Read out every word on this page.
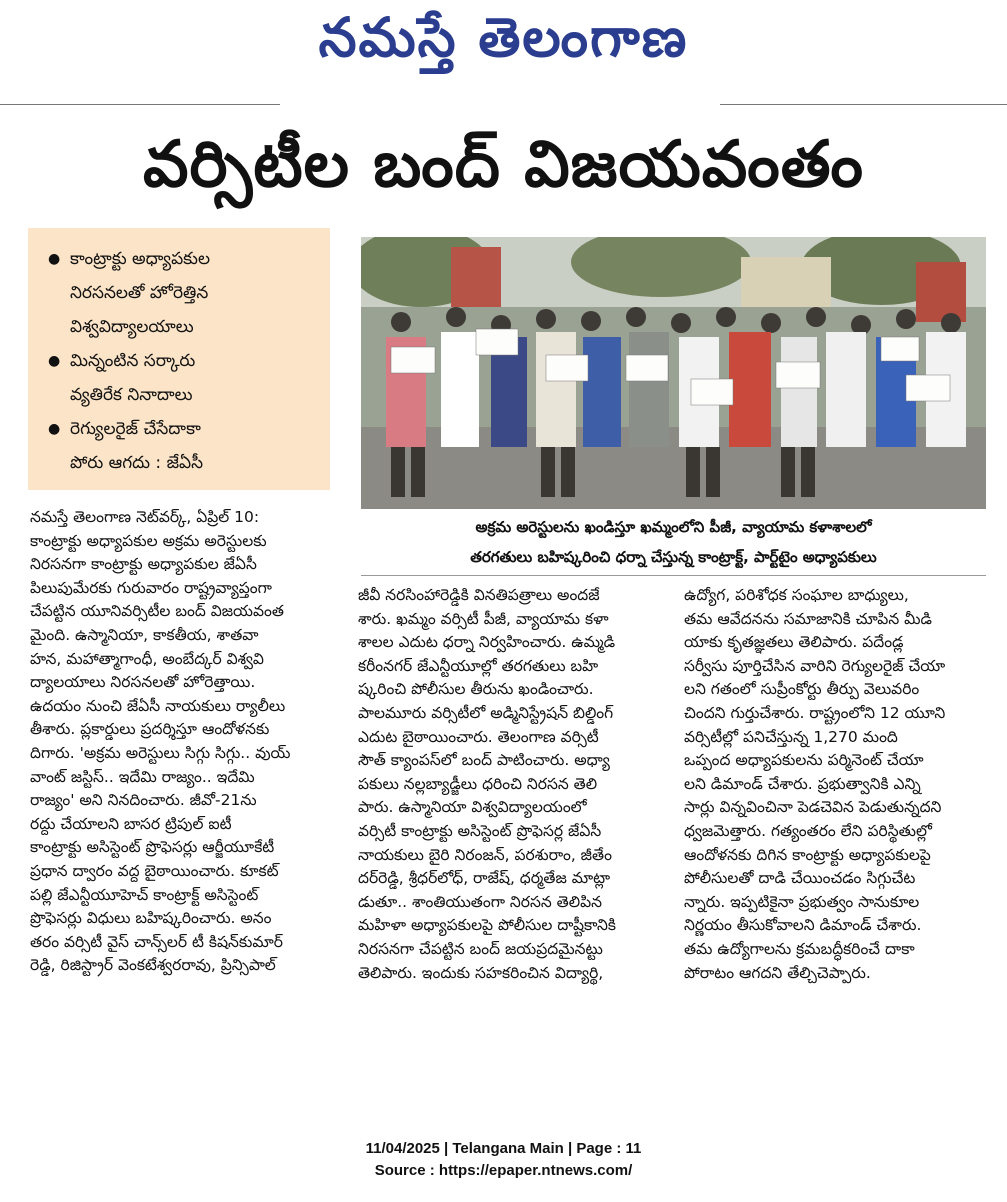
నమస్తే తెలంగాణ
వర్సిటీల బంద్ విజయవంతం
● కాంట్రాక్టు అధ్యాపకుల
నిరసనలతో హోరెత్తిన
విశ్వవిద్యాలయాలు
● మిన్నంటిన సర్కారు
వ్యతిరేక నినాదాలు
● రెగ్యులరైజ్ చేసేదాకా
పోరు ఆగదు : జేఏసీ
అక్రమ అరెస్టులను ఖండిస్తూ ఖమ్మంలోని పీజీ, వ్యాయామ కళాశాలలో
తరగతులు బహిష్కరించి ధర్నా చేస్తున్న కాంట్రాక్ట్, పార్ట్‌టైం అధ్యాపకులు
నమస్తే తెలంగాణ నెట్‌వర్క్, ఏప్రిల్ 10:
కాంట్రాక్టు అధ్యాపకుల అక్రమ అరెస్టులకు
నిరసనగా కాంట్రాక్టు అధ్యాపకుల జేఏసీ
పిలుపుమేరకు గురువారం రాష్ట్రవ్యాప్తంగా
చేపట్టిన యూనివర్సిటీల బంద్ విజయవంత
మైంది. ఉస్మానియా, కాకతీయ, శాతవా
హన, మహాత్మాగాంధీ, అంబేద్కర్ విశ్వవి
ద్యాలయాలు నిరసనలతో హోరెత్తాయి.
ఉదయం నుంచి జేఏసీ నాయకులు ర్యాలీలు
తీశారు. ప్లకార్డులు ప్రదర్శిస్తూ ఆందోళనకు
దిగారు. 'అక్రమ అరెస్టులు సిగ్గు సిగ్గు.. వుయ్
వాంట్ జస్టిస్.. ఇదేమి రాజ్యం.. ఇదేమి
రాజ్యం' అని నినదించారు. జీవో-21ను
రద్దు చేయాలని బాసర ట్రిపుల్ ఐటీ
కాంట్రాక్టు అసిస్టెంట్ ప్రొఫెసర్లు ఆర్జీయూకేటీ
ప్రధాన ద్వారం వద్ద బైఠాయించారు. కూకట్
పల్లి జేఎన్టీయూహెచ్ కాంట్రాక్ట్ అసిస్టెంట్
ప్రొఫెసర్లు విధులు బహిష్కరించారు. అనం
తరం వర్సిటీ వైస్ చాన్స్‌లర్ టీ కిషన్‌కుమార్
రెడ్డి, రిజిస్ట్రార్ వెంకటేశ్వరరావు, ప్రిన్సిపాల్
జీవీ నరసింహారెడ్డికి వినతిపత్రాలు అందజే
శారు. ఖమ్మం వర్సిటీ పీజీ, వ్యాయామ కళా
శాలల ఎదుట ధర్నా నిర్వహించారు. ఉమ్మడి
కరీంనగర్ జేఎన్టీయూల్లో తరగతులు బహి
ష్కరించి పోలీసుల తీరును ఖండించారు.
పాలమూరు వర్సిటీలో అడ్మినిస్ట్రేషన్ బిల్డింగ్
ఎదుట బైఠాయించారు. తెలంగాణ వర్సిటీ
సౌత్ క్యాంపస్‌లో బంద్ పాటించారు. అధ్యా
పకులు నల్లబ్యాడ్జీలు ధరించి నిరసన తెలి
పారు. ఉస్మానియా విశ్వవిద్యాలయంలో
వర్సిటీ కాంట్రాక్టు అసిస్టెంట్ ప్రొఫెసర్ల జేఏసీ
నాయకులు బైరి నిరంజన్, పరశురాం, జీతేం
దర్‌రెడ్డి, శ్రీధర్‌లోధ్, రాజేష్, ధర్మతేజ మాట్లా
డుతూ.. శాంతియుతంగా నిరసన తెలిపిన
మహిళా అధ్యాపకులపై పోలీసుల దాష్టీకానికి
నిరసనగా చేపట్టిన బంద్ జయప్రదమైనట్టు
తెలిపారు. ఇందుకు సహకరించిన విద్యార్థి,
ఉద్యోగ, పరిశోధక సంఘాల బాధ్యులు,
తమ ఆవేదనను సమాజానికి చూపిన మీడి
యాకు కృతజ్ఞతలు తెలిపారు. పదేండ్ల
సర్వీసు పూర్తిచేసిన వారిని రెగ్యులరైజ్ చేయా
లని గతంలో సుప్రీంకోర్టు తీర్పు వెలువరిం
చిందని గుర్తుచేశారు. రాష్ట్రంలోని 12 యూని
వర్సిటీల్లో పనిచేస్తున్న 1,270 మంది
ఒప్పంద అధ్యాపకులను పర్మినెంట్ చేయా
లని డిమాండ్ చేశారు. ప్రభుత్వానికి ఎన్ని
సార్లు విన్నవించినా పెడచెవిన పెడుతున్నదని
ధ్వజమెత్తారు. గత్యంతరం లేని పరిస్థితుల్లో
ఆందోళనకు దిగిన కాంట్రాక్టు అధ్యాపకులపై
పోలీసులతో దాడి చేయించడం సిగ్గుచేట
న్నారు. ఇప్పటికైనా ప్రభుత్వం సానుకూల
నిర్ణయం తీసుకోవాలని డిమాండ్ చేశారు.
తమ ఉద్యోగాలను క్రమబద్ధీకరించే దాకా
పోరాటం ఆగదని తేల్చిచెప్పారు.
11/04/2025 | Telangana Main | Page : 11
Source : https://epaper.ntnews.com/
